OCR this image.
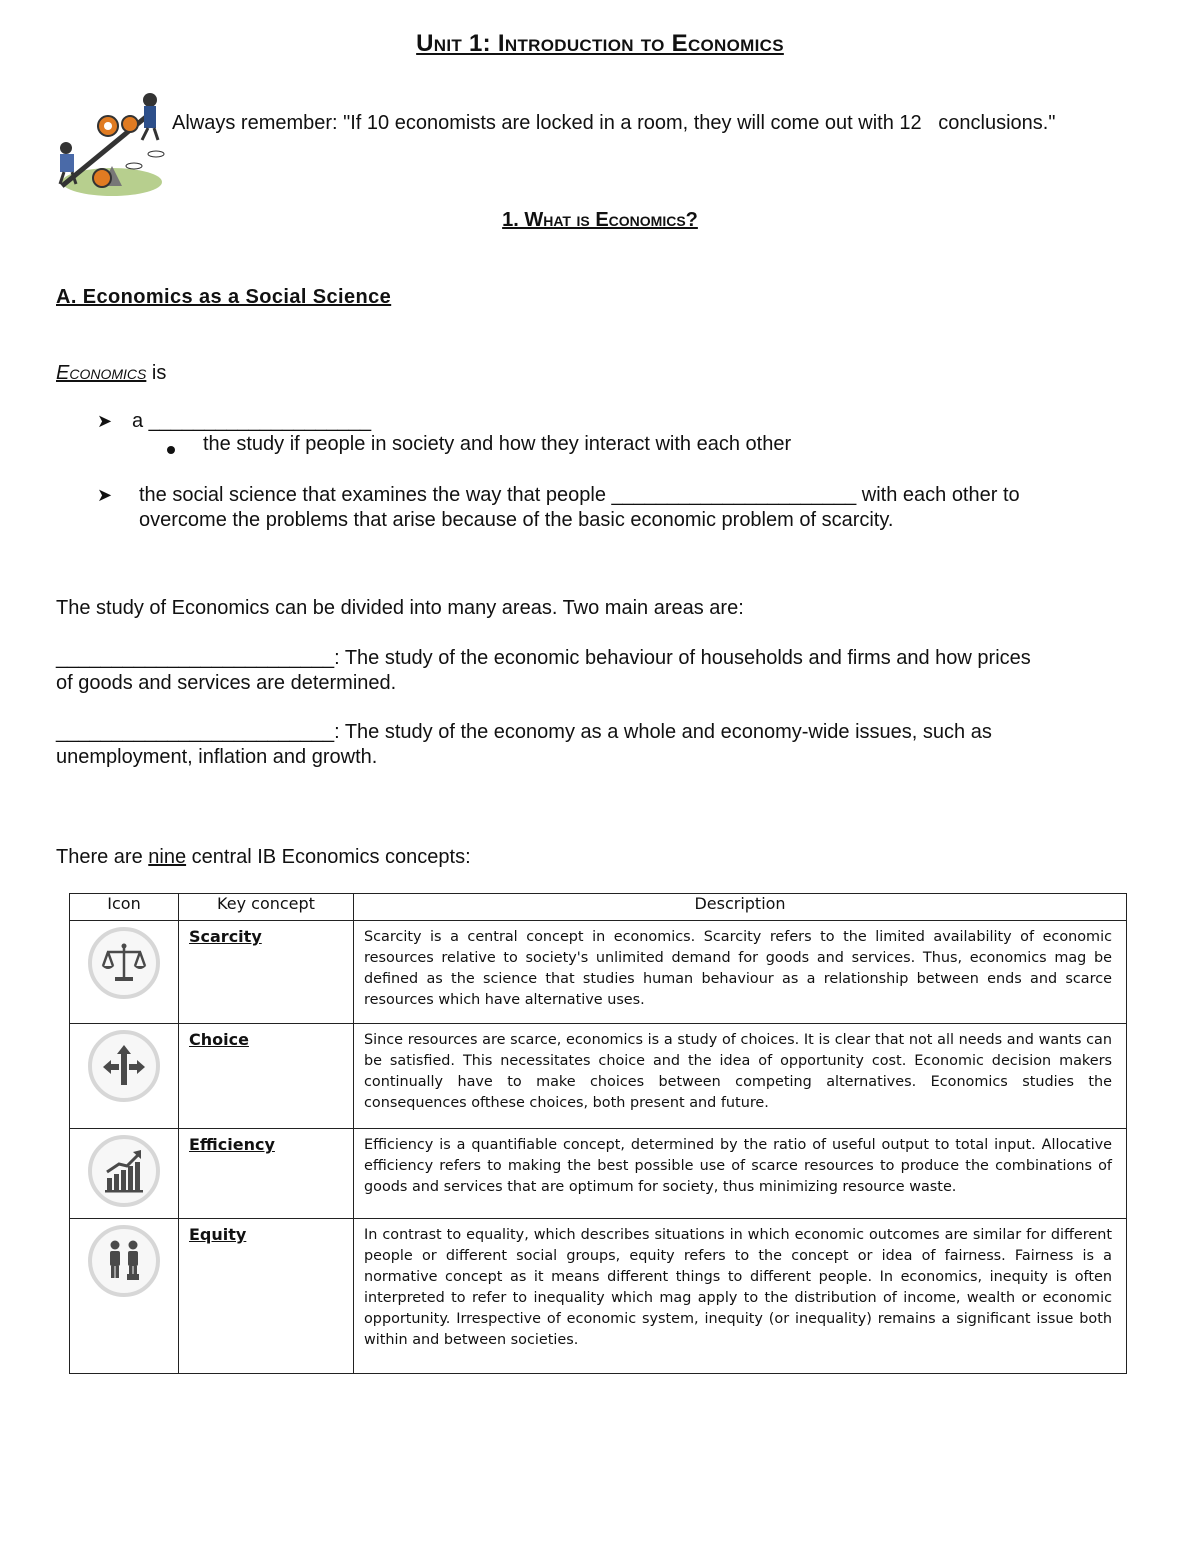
Unit 1: Introduction to Economics
Always remember: "If 10 economists are locked in a room, they will come out with 12   conclusions."
1. What is Economics?
A. Economics as a Social Science
Economics is
➤ a ____________________
the study if people in society and how they interact with each other
➤ the social science that examines the way that people ______________________ with each other to
overcome the problems that arise because of the basic economic problem of scarcity.
The study of Economics can be divided into many areas. Two main areas are:
_________________________: The study of the economic behaviour of households and firms and how prices
of goods and services are determined.
_________________________: The study of the economy as a whole and economy-wide issues, such as
unemployment, inflation and growth.
There are nine central IB Economics concepts:
Icon	Key concept	Description

	Scarcity	Scarcity is a central concept in economics. Scarcity refers to the limited availability of economic resources relative to society's unlimited demand for goods and services. Thus, economics mag be defined as the science that studies human behaviour as a relationship between ends and scarce resources which have alternative uses.

	Choice	Since resources are scarce, economics is a study of choices. It is clear that not all needs and wants can be satisfied. This necessitates choice and the idea of opportunity cost. Economic decision makers continually have to make choices between competing alternatives. Economics studies the consequences ofthese choices, both present and future.

	Efficiency	Efficiency is a quantifiable concept, determined by the ratio of useful output to total input. Allocative efficiency refers to making the best possible use of scarce resources to produce the combinations of goods and services that are optimum for society, thus minimizing resource waste.

	Equity	In contrast to equality, which describes situations in which economic outcomes are similar for different people or different social groups, equity refers to the concept or idea of fairness. Fairness is a normative concept as it means different things to different people. In economics, inequity is often interpreted to refer to inequality which mag apply to the distribution of income, wealth or economic opportunity. Irrespective of economic system, inequity (or inequality) remains a significant issue both within and between societies.
